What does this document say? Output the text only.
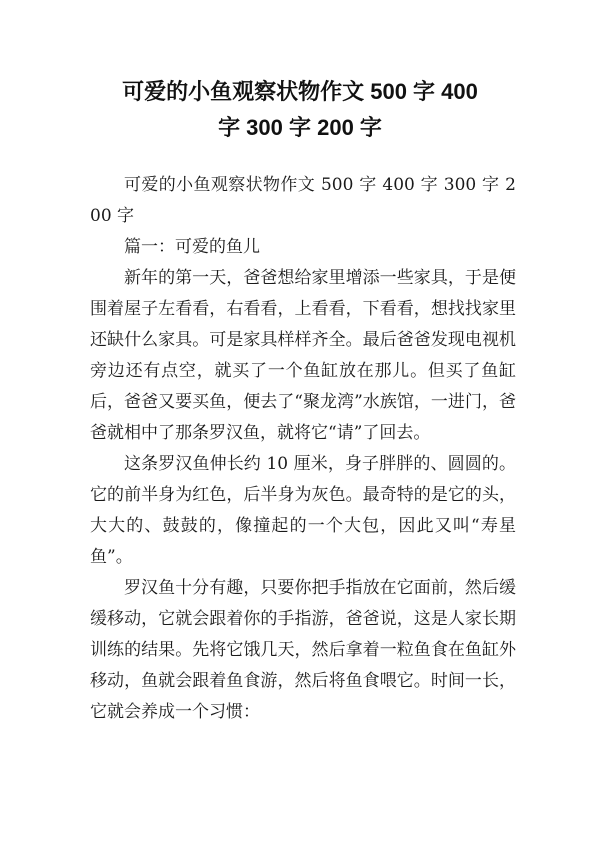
可爱的小鱼观察状物作文 500 字 400
字 300 字 200 字

可爱的小鱼观察状物作文 500 字 400 字 300 字 200 字

篇一：可爱的鱼儿

新年的第一天，爸爸想给家里增添一些家具，于是便围着屋子左看看，右看看，上看看，下看看，想找找家里还缺什么家具。可是家具样样齐全。最后爸爸发现电视机旁边还有点空，就买了一个鱼缸放在那儿。但买了鱼缸后，爸爸又要买鱼，便去了“聚龙湾”水族馆，一进门，爸爸就相中了那条罗汉鱼，就将它“请”了回去。

这条罗汉鱼伸长约 10 厘米，身子胖胖的、圆圆的。它的前半身为红色，后半身为灰色。最奇特的是它的头，大大的、鼓鼓的，像撞起的一个大包，因此又叫“寿星鱼”。

罗汉鱼十分有趣，只要你把手指放在它面前，然后缓缓移动，它就会跟着你的手指游，爸爸说，这是人家长期训练的结果。先将它饿几天，然后拿着一粒鱼食在鱼缸外移动，鱼就会跟着鱼食游，然后将鱼食喂它。时间一长，它就会养成一个习惯：
